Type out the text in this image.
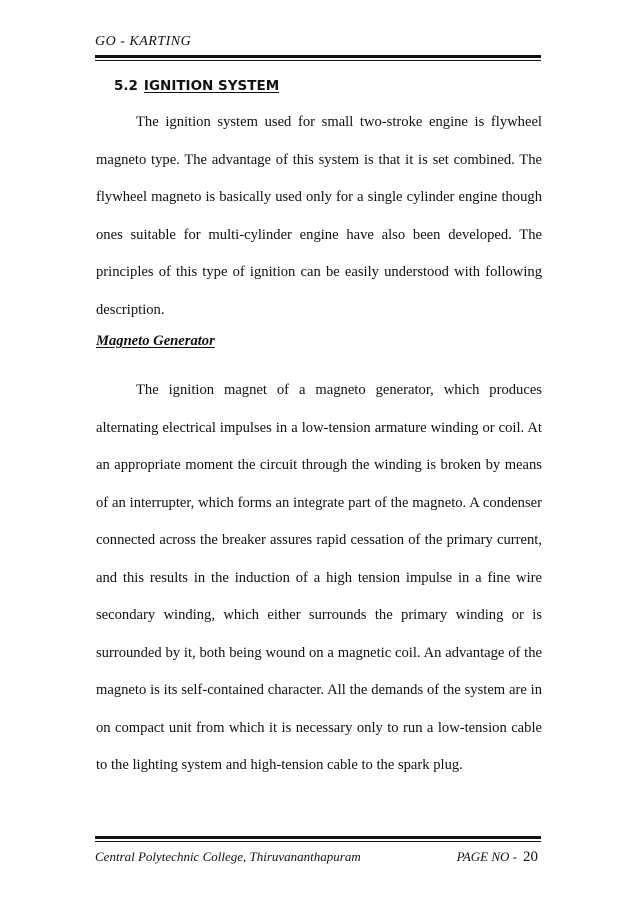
GO - KARTING
5.2 IGNITION SYSTEM

The ignition system used for small two-stroke engine is flywheel magneto type. The advantage of this system is that it is set combined. The flywheel magneto is basically used only for a single cylinder engine though ones suitable for multi-cylinder engine have also been developed. The principles of this type of ignition can be easily understood with following description.

Magneto Generator

The ignition magnet of a magneto generator, which produces alternating electrical impulses in a low-tension armature winding or coil. At an appropriate moment the circuit through the winding is broken by means of an interrupter, which forms an integrate part of the magneto. A condenser connected across the breaker assures rapid cessation of the primary current, and this results in the induction of a high tension impulse in a fine wire secondary winding, which either surrounds the primary winding or is surrounded by it, both being wound on a magnetic coil. An advantage of the magneto is its self-contained character. All the demands of the system are in on compact unit from which it is necessary only to run a low-tension cable to the lighting system and high-tension cable to the spark plug.

Central Polytechnic College, Thiruvananthapuram	PAGE NO - 20
